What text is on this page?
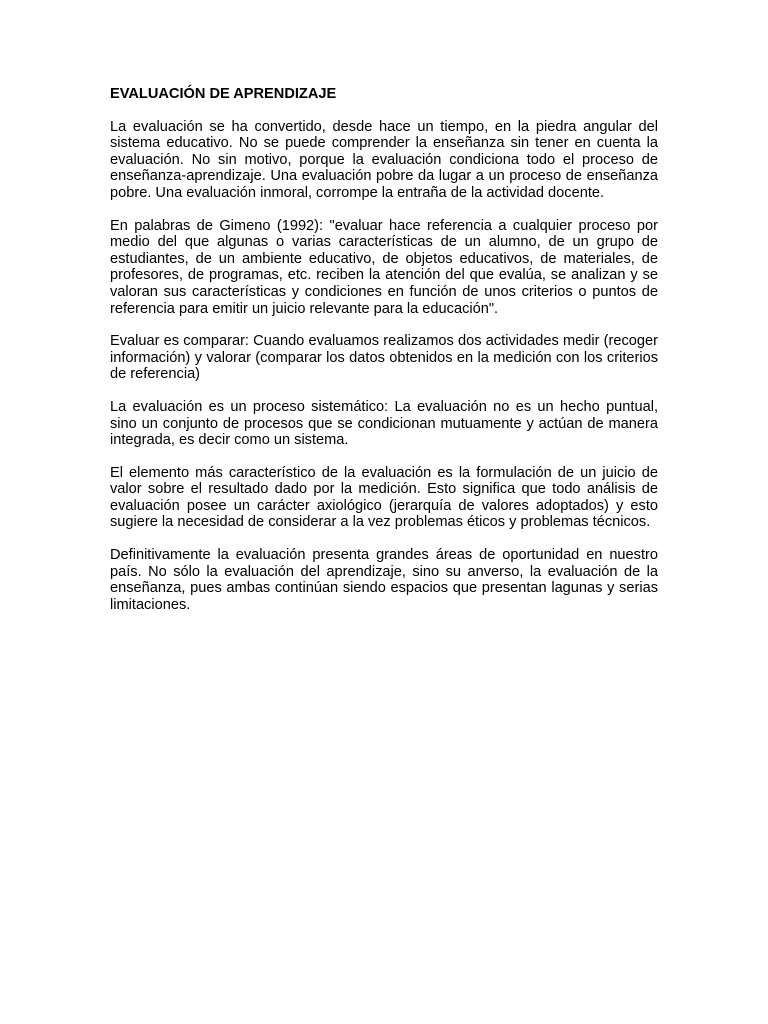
EVALUACIÓN DE APRENDIZAJE

La evaluación se ha convertido, desde hace un tiempo, en la piedra angular del sistema educativo. No se puede comprender la enseñanza sin tener en cuenta la evaluación. No sin motivo, porque la evaluación condiciona todo el proceso de enseñanza-aprendizaje. Una evaluación pobre da lugar a un proceso de enseñanza pobre. Una evaluación inmoral, corrompe la entraña de la actividad docente.

En palabras de Gimeno (1992): "evaluar hace referencia a cualquier proceso por medio del que algunas o varias características de un alumno, de un grupo de estudiantes, de un ambiente educativo, de objetos educativos, de materiales, de profesores, de programas, etc. reciben la atención del que evalúa, se analizan y se valoran sus características y condiciones en función de unos criterios o puntos de referencia para emitir un juicio relevante para la educación".

Evaluar es comparar: Cuando evaluamos realizamos dos actividades medir (recoger información) y valorar (comparar los datos obtenidos en la medición con los criterios de referencia)

La evaluación es un proceso sistemático: La evaluación no es un hecho puntual, sino un conjunto de procesos que se condicionan mutuamente y actúan de manera integrada, es decir como un sistema.

El elemento más característico de la evaluación es la formulación de un juicio de valor sobre el resultado dado por la medición. Esto significa que todo análisis de evaluación posee un carácter axiológico (jerarquía de valores adoptados) y esto sugiere la necesidad de considerar a la vez problemas éticos y problemas técnicos.

Definitivamente la evaluación presenta grandes áreas de oportunidad en nuestro país. No sólo la evaluación del aprendizaje, sino su anverso, la evaluación de la enseñanza, pues ambas continúan siendo espacios que presentan lagunas y serias limitaciones.
